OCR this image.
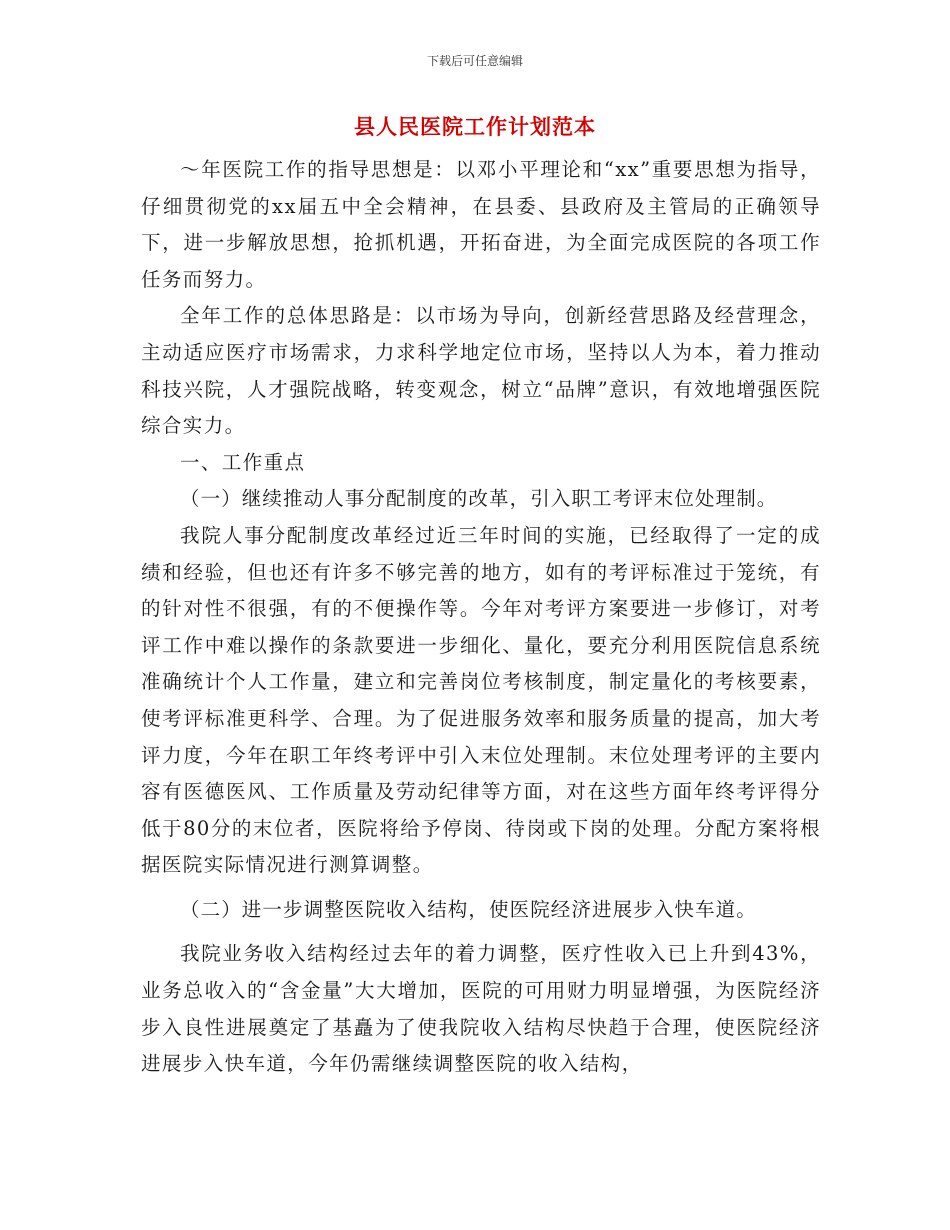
下载后可任意编辑
县人民医院工作计划范本

～年医院工作的指导思想是：以邓小平理论和“xx”重要思想为指导，仔细贯彻党的xx届五中全会精神，在县委、县政府及主管局的正确领导下，进一步解放思想，抢抓机遇，开拓奋进，为全面完成医院的各项工作任务而努力。

全年工作的总体思路是：以市场为导向，创新经营思路及经营理念，主动适应医疗市场需求，力求科学地定位市场，坚持以人为本，着力推动科技兴院，人才强院战略，转变观念，树立“品牌”意识，有效地增强医院综合实力。

一、工作重点

（一）继续推动人事分配制度的改革，引入职工考评末位处理制。

我院人事分配制度改革经过近三年时间的实施，已经取得了一定的成绩和经验，但也还有许多不够完善的地方，如有的考评标准过于笼统，有的针对性不很强，有的不便操作等。今年对考评方案要进一步修订，对考评工作中难以操作的条款要进一步细化、量化，要充分利用医院信息系统准确统计个人工作量，建立和完善岗位考核制度，制定量化的考核要素，使考评标准更科学、合理。为了促进服务效率和服务质量的提高，加大考评力度，今年在职工年终考评中引入末位处理制。末位处理考评的主要内容有医德医风、工作质量及劳动纪律等方面，对在这些方面年终考评得分低于80分的末位者，医院将给予停岗、待岗或下岗的处理。分配方案将根据医院实际情况进行测算调整。

（二）进一步调整医院收入结构，使医院经济进展步入快车道。

我院业务收入结构经过去年的着力调整，医疗性收入已上升到43%，业务总收入的“含金量”大大增加，医院的可用财力明显增强，为医院经济步入良性进展奠定了基矗为了使我院收入结构尽快趋于合理，使医院经济进展步入快车道，今年仍需继续调整医院的收入结构，
